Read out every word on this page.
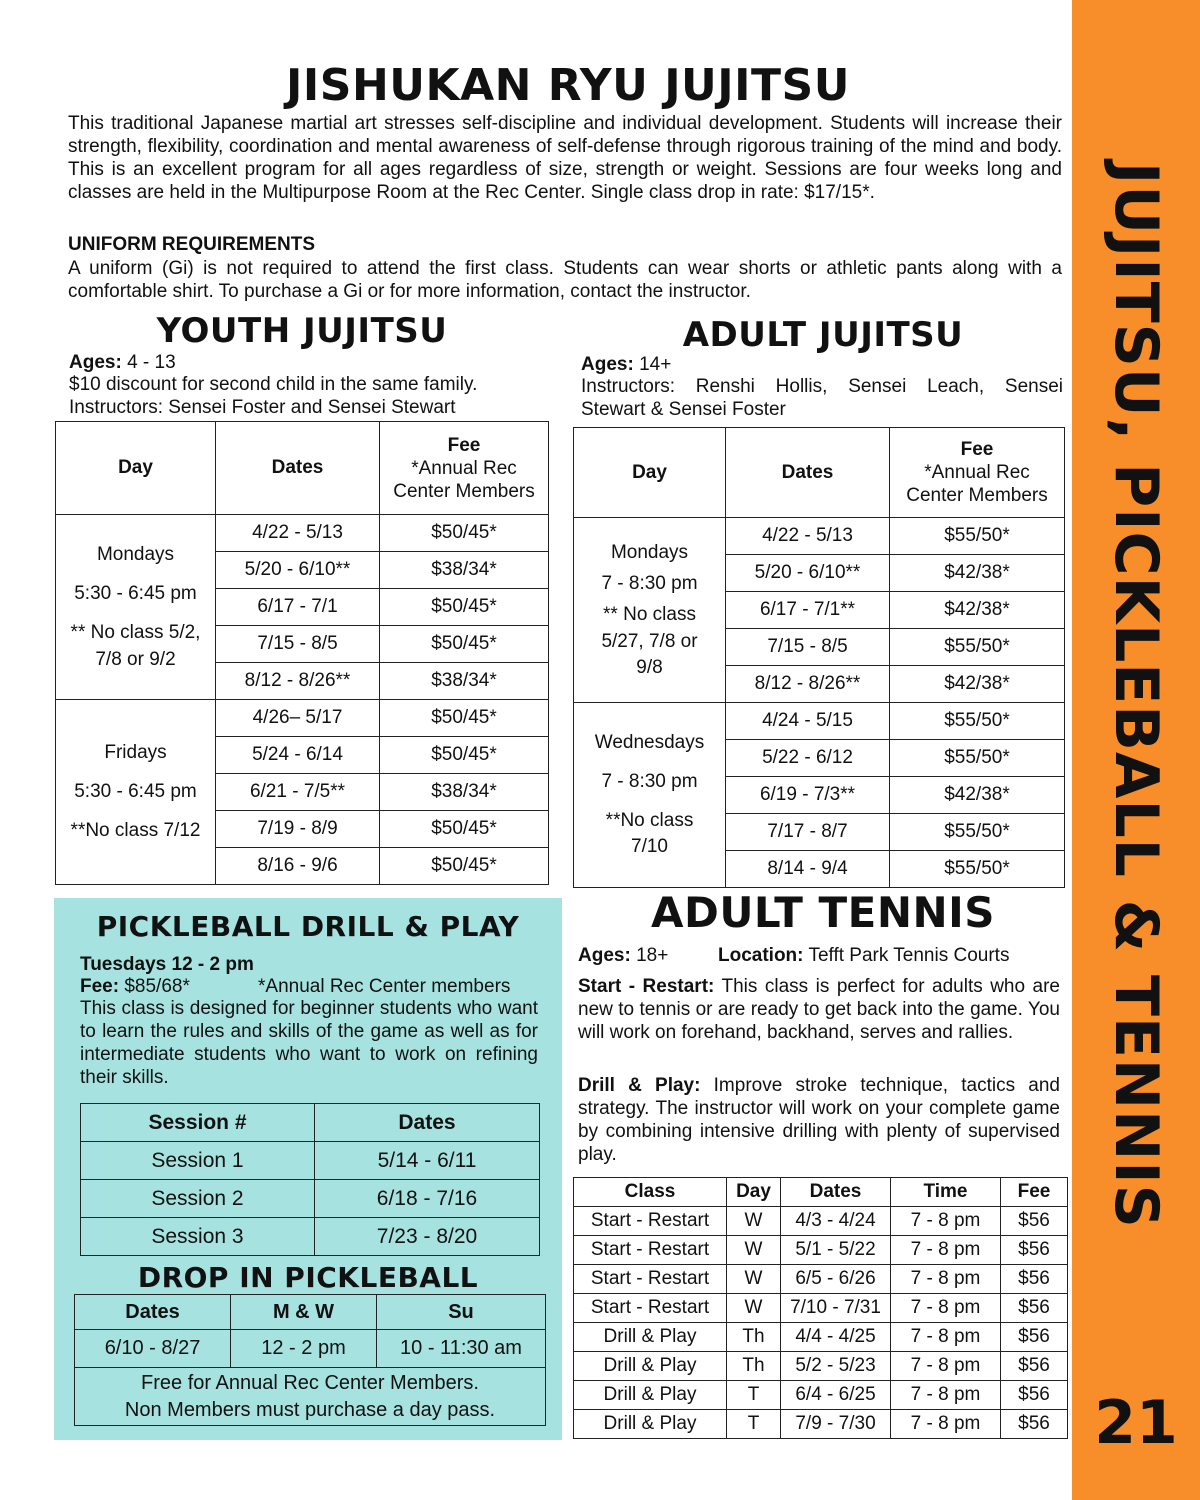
JUJITSU, PICKLEBALL & TENNIS
21
JISHUKAN RYU JUJITSU
This traditional Japanese martial art stresses self-discipline and individual development. Students will increase their strength, flexibility, coordination and mental awareness of self-defense through rigorous training of the mind and body. This is an excellent program for all ages regardless of size, strength or weight. Sessions are four weeks long and classes are held in the Multipurpose Room at the Rec Center. Single class drop in rate: $17/15*.
UNIFORM REQUIREMENTS
A uniform (Gi) is not required to attend the first class. Students can wear shorts or athletic pants along with a comfortable shirt. To purchase a Gi or for more information, contact the instructor.
YOUTH JUJITSU
Ages: 4 - 13
$10 discount for second child in the same family.
Instructors: Sensei Foster and Sensei Stewart
Day	Dates	Fee
*Annual Rec
Center Members

Mondays
5:30 - 6:45 pm
** No class 5/2,
7/8 or 9/2	4/22 - 5/13	$50/45*
	5/20 - 6/10**	$38/34*
	6/17 - 7/1	$50/45*
	7/15 - 8/5	$50/45*
	8/12 - 8/26**	$38/34*

Fridays
5:30 - 6:45 pm
**No class 7/12	4/26– 5/17	$50/45*
	5/24 - 6/14	$50/45*
	6/21 - 7/5**	$38/34*
	7/19 - 8/9	$50/45*
	8/16 - 9/6	$50/45*
ADULT JUJITSU
Ages: 14+
Instructors: Renshi Hollis, Sensei Leach, Sensei
Stewart & Sensei Foster
Day	Dates	Fee
*Annual Rec
Center Members

Mondays
7 - 8:30 pm
** No class
5/27, 7/8 or
9/8	4/22 - 5/13	$55/50*
	5/20 - 6/10**	$42/38*
	6/17 - 7/1**	$42/38*
	7/15 - 8/5	$55/50*
	8/12 - 8/26**	$42/38*

Wednesdays
7 - 8:30 pm
**No class
7/10	4/24 - 5/15	$55/50*
	5/22 - 6/12	$55/50*
	6/19 - 7/3**	$42/38*
	7/17 - 8/7	$55/50*
	8/14 - 9/4	$55/50*
PICKLEBALL DRILL & PLAY
Tuesdays 12 - 2 pm
Fee: $85/68*	*Annual Rec Center members
This class is designed for beginner students who want to learn the rules and skills of the game as well as for intermediate students who want to work on refining their skills.
Session #	Dates
Session 1	5/14 - 6/11
Session 2	6/18 - 7/16
Session 3	7/23 - 8/20
DROP IN PICKLEBALL
Dates	M & W	Su
6/10 - 8/27	12 - 2 pm	10 - 11:30 am

Free for Annual Rec Center Members.
Non Members must purchase a day pass.		
ADULT TENNIS
Ages: 18+	Location: Tefft Park Tennis Courts
Start - Restart: This class is perfect for adults who are new to tennis or are ready to get back into the game. You will work on forehand, backhand, serves and rallies.
Drill & Play: Improve stroke technique, tactics and strategy. The instructor will work on your complete game by combining intensive drilling with plenty of supervised play.
Class	Day	Dates	Time	Fee
Start - Restart	W	4/3 - 4/24	7 - 8 pm	$56
Start - Restart	W	5/1 - 5/22	7 - 8 pm	$56
Start - Restart	W	6/5 - 6/26	7 - 8 pm	$56
Start - Restart	W	7/10 - 7/31	7 - 8 pm	$56
Drill & Play	Th	4/4 - 4/25	7 - 8 pm	$56
Drill & Play	Th	5/2 - 5/23	7 - 8 pm	$56
Drill & Play	T	6/4 - 6/25	7 - 8 pm	$56
Drill & Play	T	7/9 - 7/30	7 - 8 pm	$56
